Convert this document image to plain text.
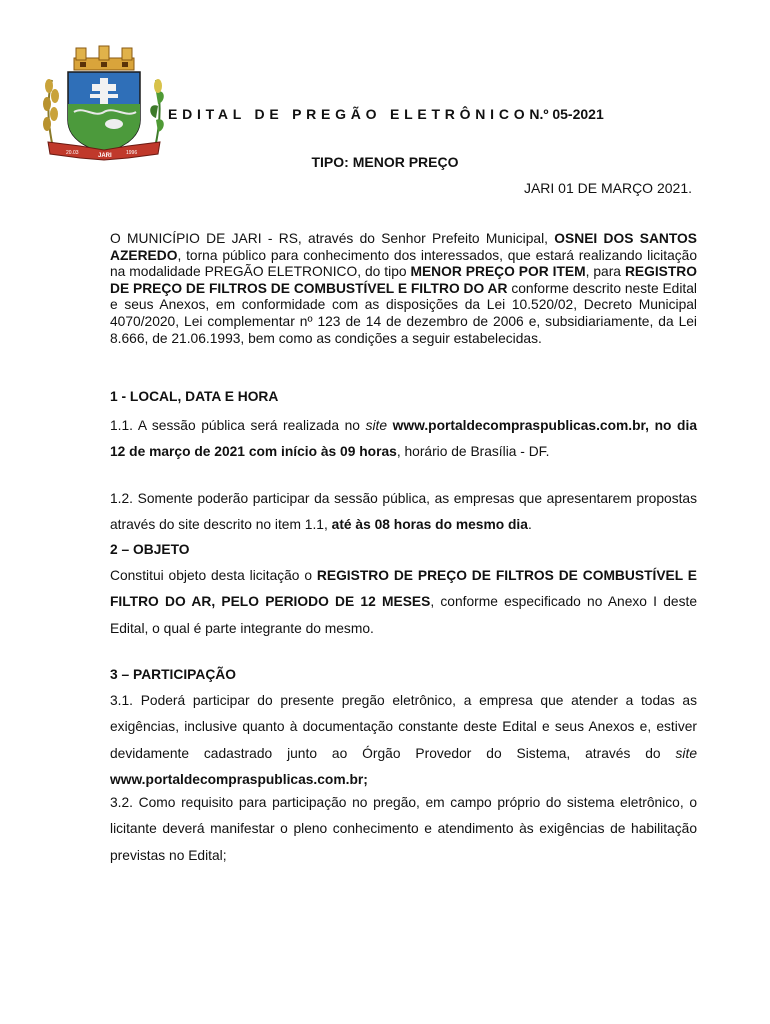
20.03	JARI	1996
EDITAL DE PREGÃO ELETRÔNICON.º 05-2021
TIPO: MENOR PREÇO
JARI 01 DE MARÇO 2021.
O MUNICÍPIO DE JARI - RS, através do Senhor Prefeito Municipal, OSNEI DOS SANTOS AZEREDO, torna público para conhecimento dos interessados, que estará realizando licitação na modalidade PREGÃO ELETRONICO, do tipo MENOR PREÇO POR ITEM, para REGISTRO DE PREÇO DE FILTROS DE COMBUSTÍVEL E FILTRO DO AR conforme descrito neste Edital e seus Anexos, em conformidade com as disposições da Lei 10.520/02, Decreto Municipal 4070/2020, Lei complementar nº 123 de 14 de dezembro de 2006 e, subsidiariamente, da Lei 8.666, de 21.06.1993, bem como as condições a seguir estabelecidas.
1 - LOCAL, DATA E HORA
1.1. A sessão pública será realizada no site www.portaldecompraspublicas.com.br, no dia 12 de março de 2021 com início às 09 horas, horário de Brasília - DF.
1.2. Somente poderão participar da sessão pública, as empresas que apresentarem propostas através do site descrito no item 1.1, até às 08 horas do mesmo dia.
2 – OBJETO
Constitui objeto desta licitação o REGISTRO DE PREÇO DE FILTROS DE COMBUSTÍVEL E FILTRO DO AR, PELO PERIODO DE 12 MESES, conforme especificado no Anexo I deste Edital, o qual é parte integrante do mesmo.
3 – PARTICIPAÇÃO
3.1. Poderá participar do presente pregão eletrônico, a empresa que atender a todas as exigências, inclusive quanto à documentação constante deste Edital e seus Anexos e, estiver devidamente cadastrado junto ao Órgão Provedor do Sistema, através do site www.portaldecompraspublicas.com.br;
3.2. Como requisito para participação no pregão, em campo próprio do sistema eletrônico, o licitante deverá manifestar o pleno conhecimento e atendimento às exigências de habilitação previstas no Edital;
